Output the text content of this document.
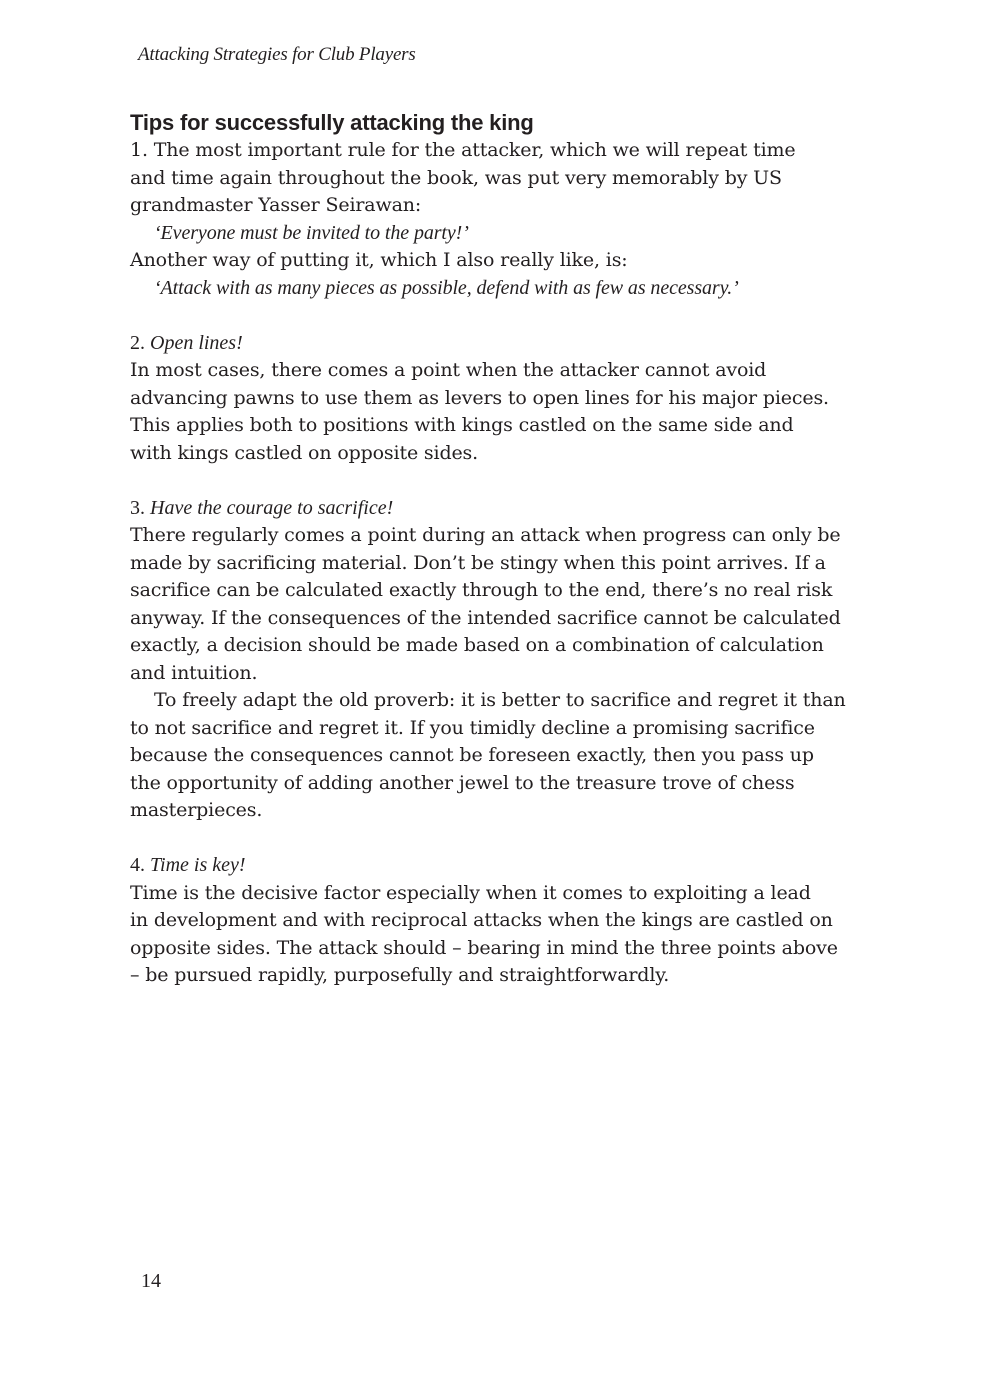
Attacking Strategies for Club Players
Tips for successfully attacking the king
1. The most important rule for the attacker, which we will repeat time
and time again throughout the book, was put very memorably by US
grandmaster Yasser Seirawan:
‘Everyone must be invited to the party!’
Another way of putting it, which I also really like, is:
‘Attack with as many pieces as possible, defend with as few as necessary.’
2. Open lines!
In most cases, there comes a point when the attacker cannot avoid
advancing pawns to use them as levers to open lines for his major pieces.
This applies both to positions with kings castled on the same side and
with kings castled on opposite sides.
3. Have the courage to sacrifice!
There regularly comes a point during an attack when progress can only be
made by sacrificing material. Don’t be stingy when this point arrives. If a
sacrifice can be calculated exactly through to the end, there’s no real risk
anyway. If the consequences of the intended sacrifice cannot be calculated
exactly, a decision should be made based on a combination of calculation
and intuition.
To freely adapt the old proverb: it is better to sacrifice and regret it than
to not sacrifice and regret it. If you timidly decline a promising sacrifice
because the consequences cannot be foreseen exactly, then you pass up
the opportunity of adding another jewel to the treasure trove of chess
masterpieces.
4. Time is key!
Time is the decisive factor especially when it comes to exploiting a lead
in development and with reciprocal attacks when the kings are castled on
opposite sides. The attack should – bearing in mind the three points above
– be pursued rapidly, purposefully and straightforwardly.
14
